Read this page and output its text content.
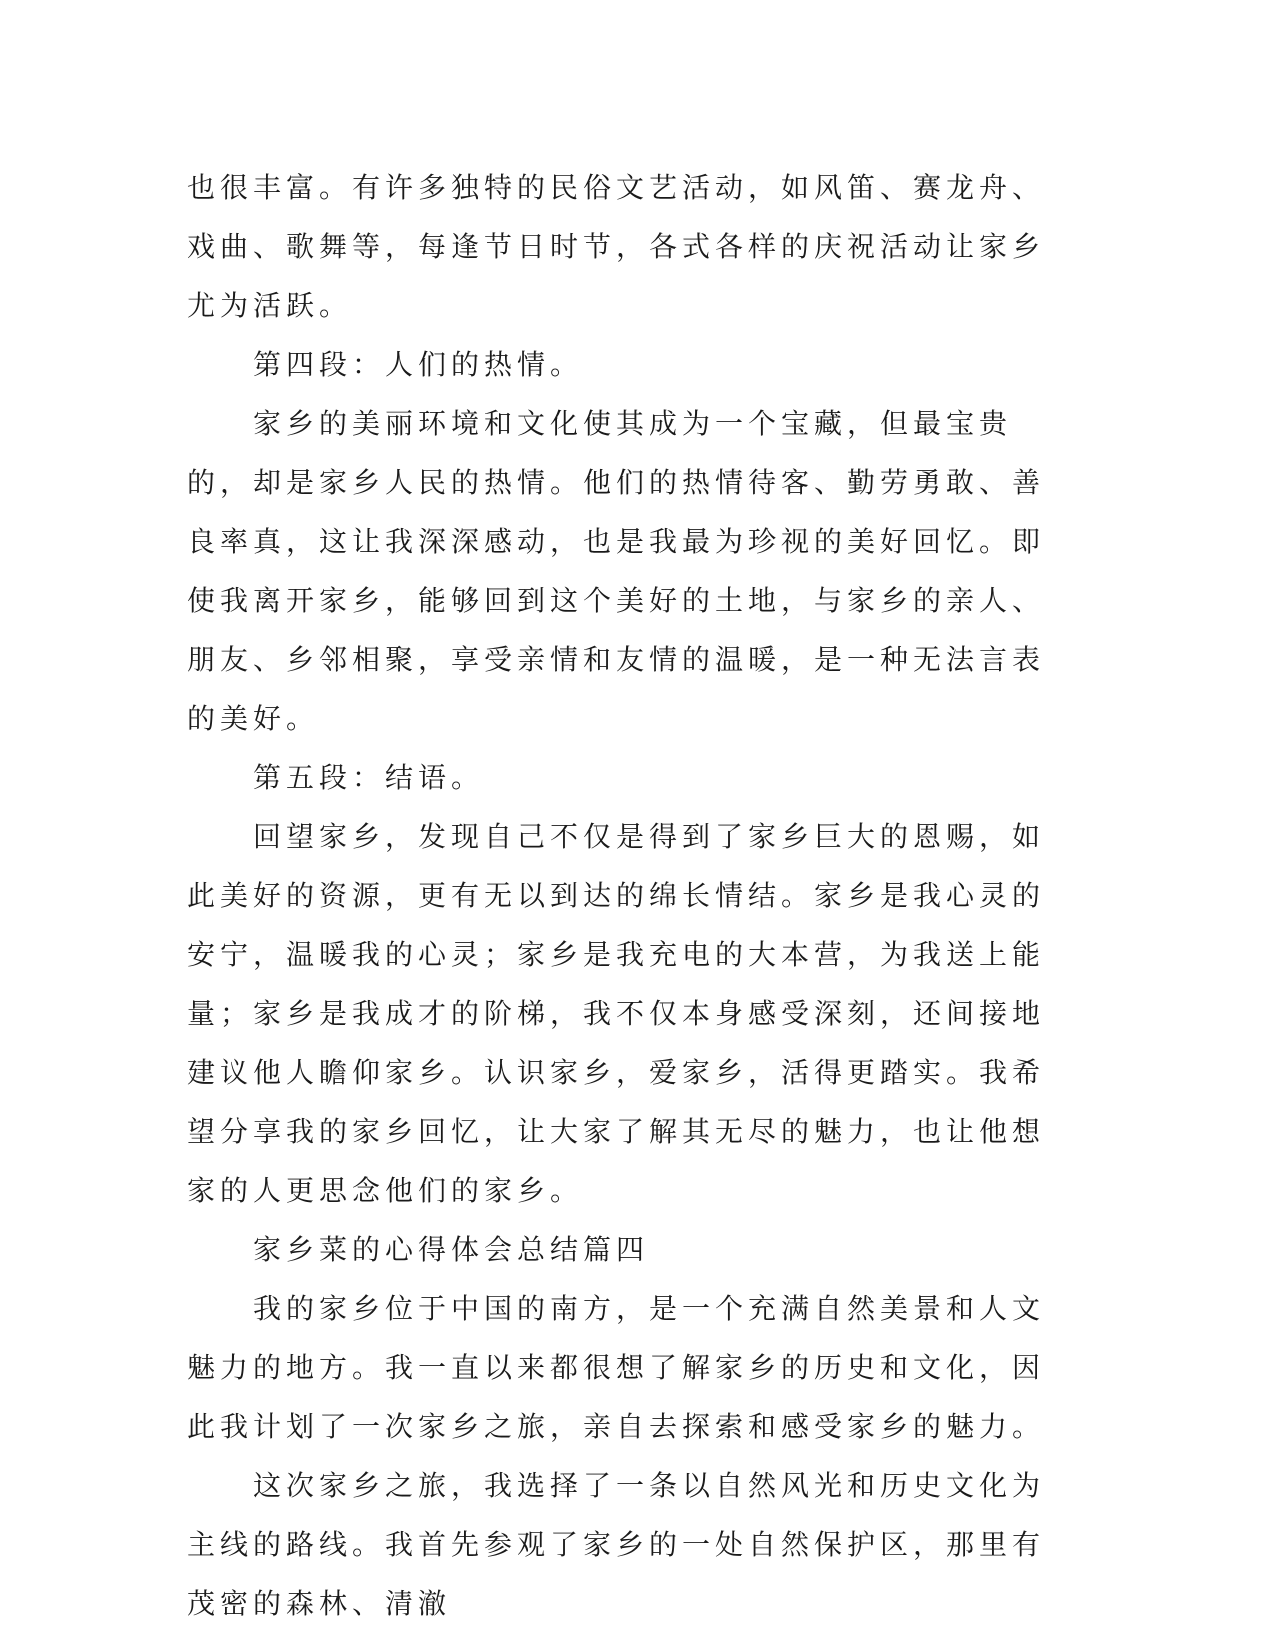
也很丰富。有许多独特的民俗文艺活动，如风笛、赛龙舟、戏曲、歌舞等，每逢节日时节，各式各样的庆祝活动让家乡尤为活跃。

第四段：人们的热情。

家乡的美丽环境和文化使其成为一个宝藏，但最宝贵的，却是家乡人民的热情。他们的热情待客、勤劳勇敢、善良率真，这让我深深感动，也是我最为珍视的美好回忆。即使我离开家乡，能够回到这个美好的土地，与家乡的亲人、朋友、乡邻相聚，享受亲情和友情的温暖，是一种无法言表的美好。

第五段：结语。

回望家乡，发现自己不仅是得到了家乡巨大的恩赐，如此美好的资源，更有无以到达的绵长情结。家乡是我心灵的安宁，温暖我的心灵；家乡是我充电的大本营，为我送上能量；家乡是我成才的阶梯，我不仅本身感受深刻，还间接地建议他人瞻仰家乡。认识家乡，爱家乡，活得更踏实。我希望分享我的家乡回忆，让大家了解其无尽的魅力，也让他想家的人更思念他们的家乡。

家乡菜的心得体会总结篇四

我的家乡位于中国的南方，是一个充满自然美景和人文魅力的地方。我一直以来都很想了解家乡的历史和文化，因此我计划了一次家乡之旅，亲自去探索和感受家乡的魅力。

这次家乡之旅，我选择了一条以自然风光和历史文化为主线的路线。我首先参观了家乡的一处自然保护区，那里有茂密的森林、清澈
